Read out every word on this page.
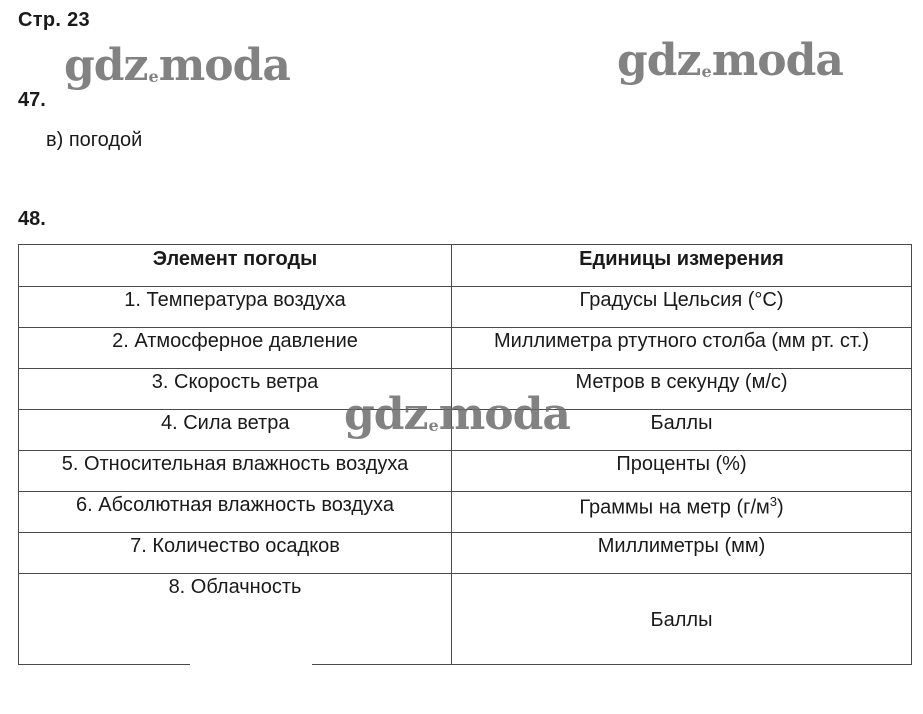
Стр. 23
gdzemoda	gdzemoda
47.
в) погодой
48.
Элемент погоды	Единицы измерения
1. Температура воздуха	Градусы Цельсия (°С)
2. Атмосферное давление	Миллиметра ртутного столба (мм рт. ст.)
3. Скорость ветра	Метров в секунду (м/с)
4. Сила ветра	Баллы
5. Относительная влажность воздуха	Проценты (%)
6. Абсолютная влажность воздуха	Граммы на метр $(г/м^3)$
7. Количество осадков	Миллиметры (мм)
8. Облачность	Баллы
gdzemoda
